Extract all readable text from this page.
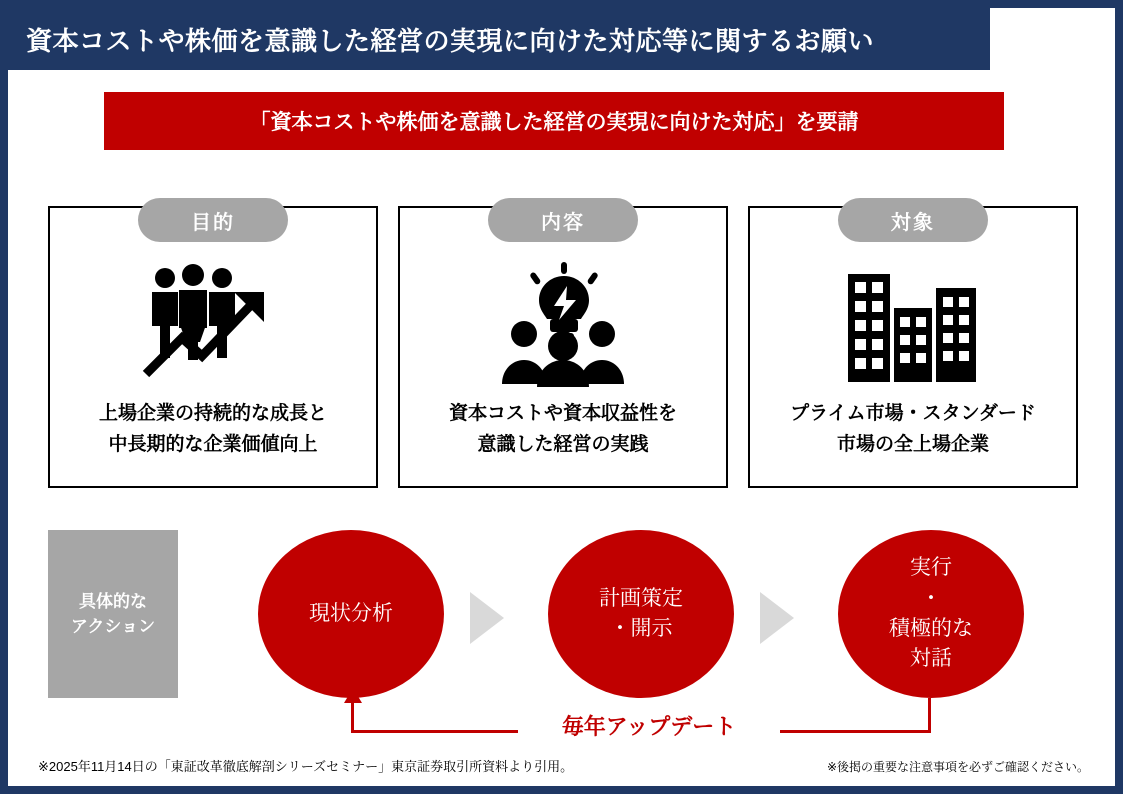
資本コストや株価を意識した経営の実現に向けた対応等に関するお願い
「資本コストや株価を意識した経営の実現に向けた対応」を要請
上場企業の持続的な成長と
中長期的な企業価値向上
資本コストや資本収益性を
意識した経営の実践
プライム市場・スタンダード
市場の全上場企業
目的	内容	対象
具体的な
アクション
現状分析
計画策定
・開示
実行
・
積極的な
対話
毎年アップデート
※2025年11月14日の「東証改革徹底解剖シリーズセミナー」東京証券取引所資料より引用。	※後掲の重要な注意事項を必ずご確認ください。
